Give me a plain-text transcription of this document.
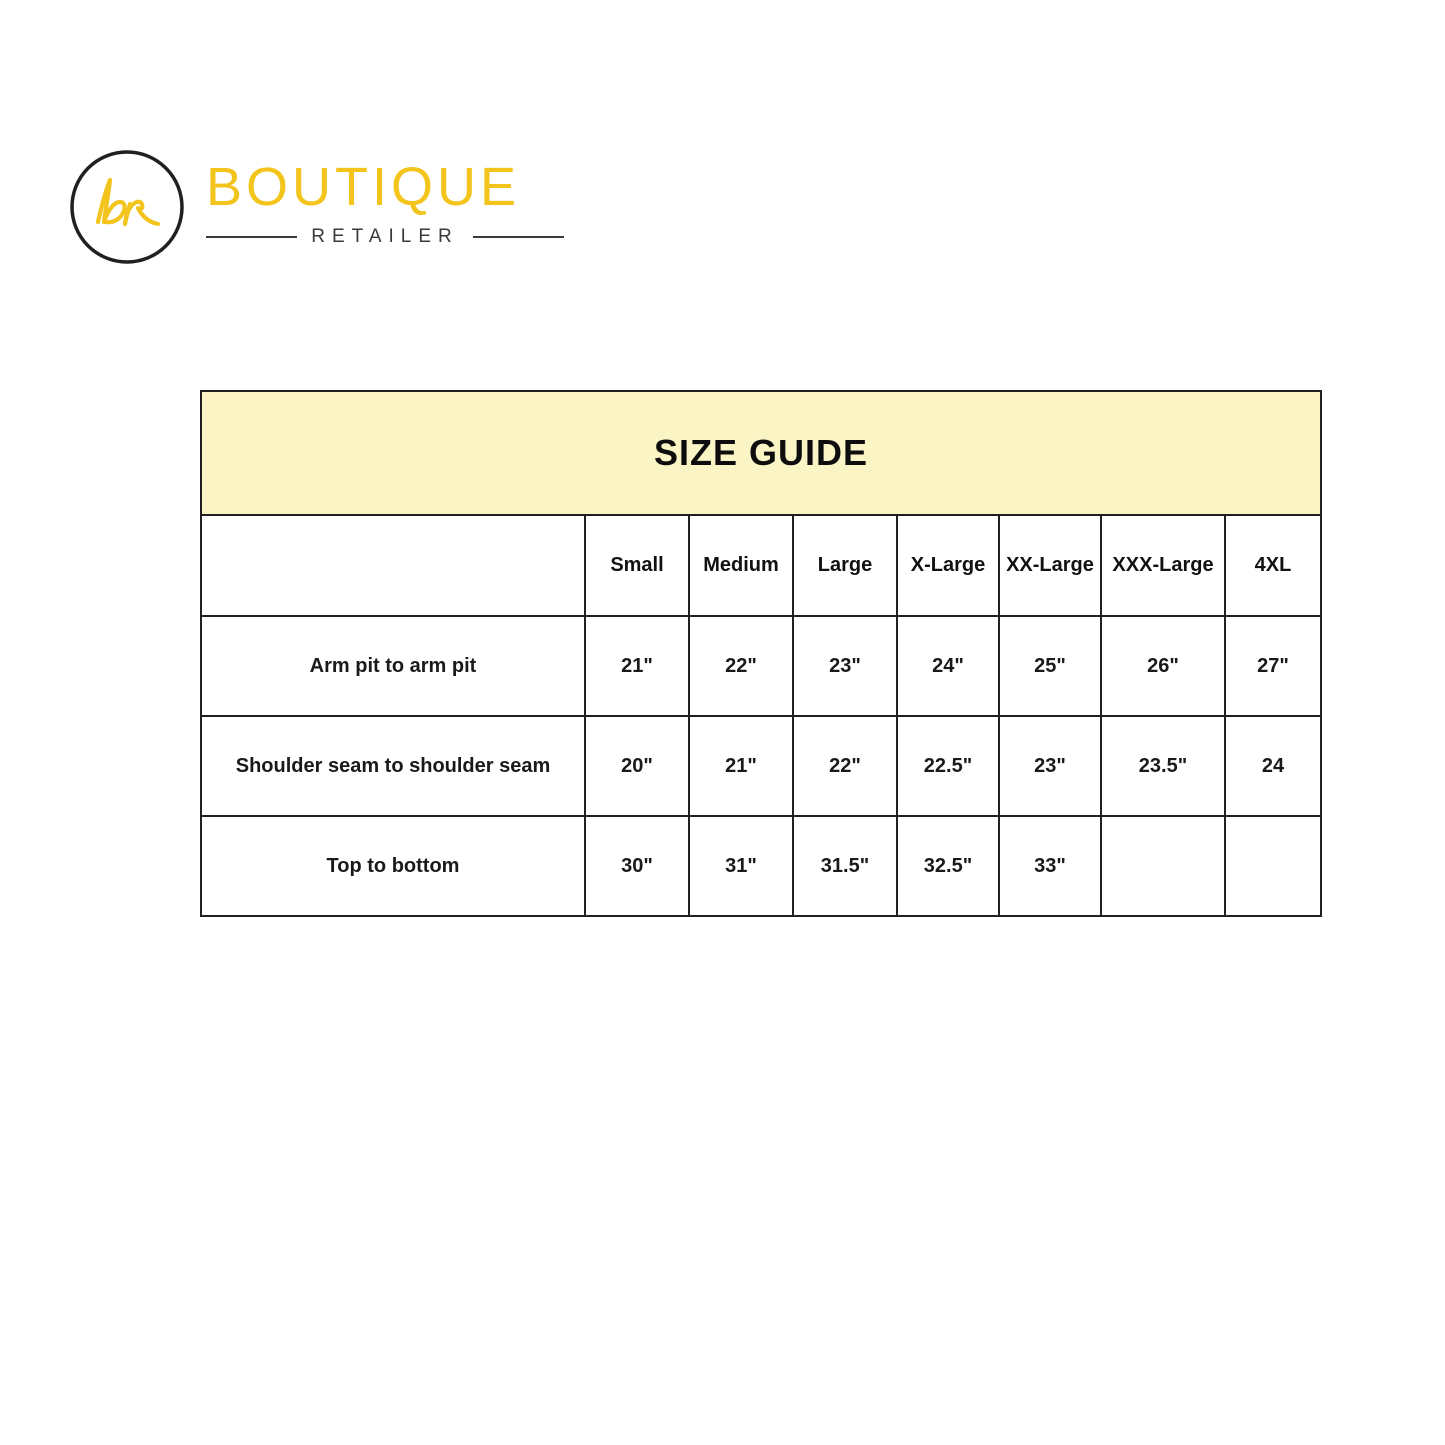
BOUTIQUE
RETAILER
SIZE GUIDE							
	Small	Medium	Large	X-Large	XX-Large	XXX-Large	4XL
Arm pit to arm pit	21"	22"	23"	24"	25"	26"	27"
Shoulder seam to shoulder seam	20"	21"	22"	22.5"	23"	23.5"	24
Top to bottom	30"	31"	31.5"	32.5"	33"		
